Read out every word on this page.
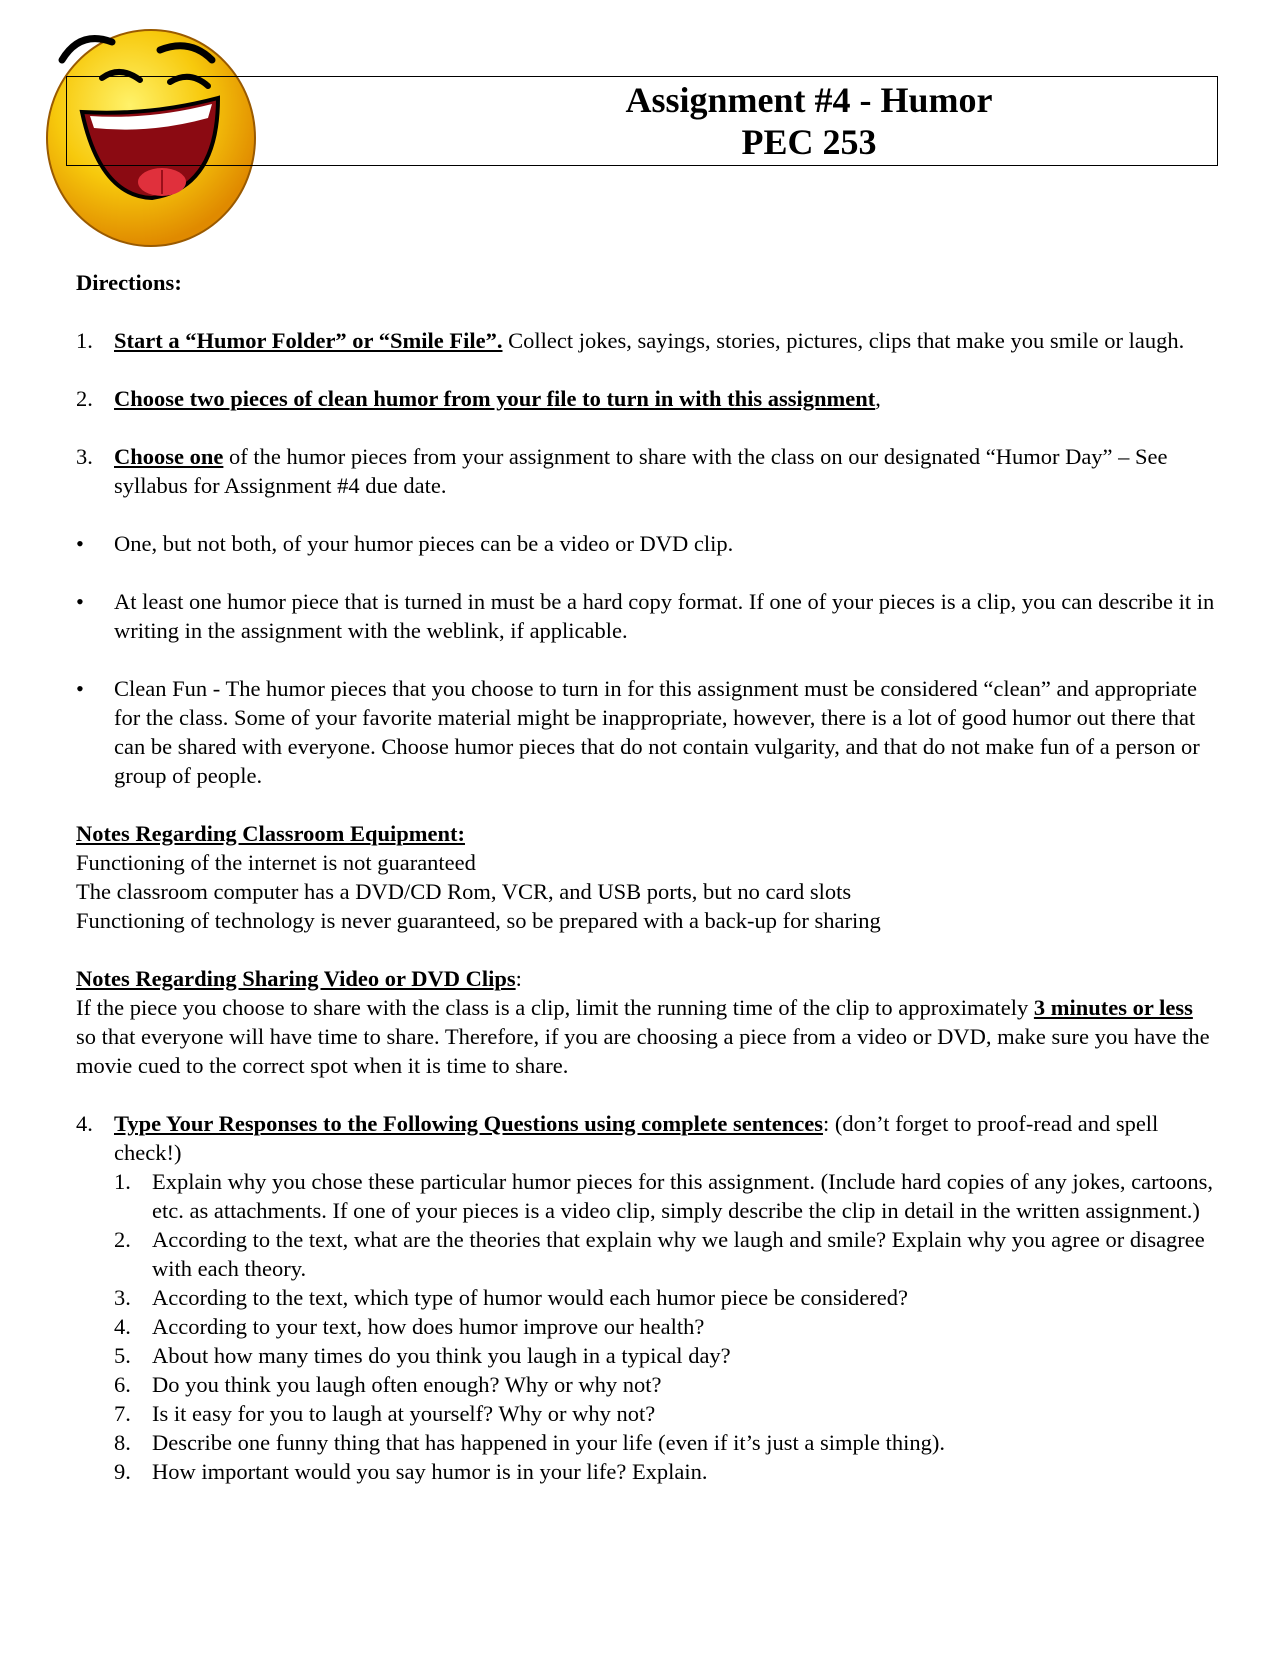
Assignment #4 - Humor
PEC 253

Directions:

1. Start a “Humor Folder” or “Smile File”. Collect jokes, sayings, stories, pictures, clips that make you smile or laugh.
2. Choose two pieces of clean humor from your file to turn in with this assignment,
3. Choose one of the humor pieces from your assignment to share with the class on our designated “Humor Day” – See syllabus for Assignment #4 due date.
•	One, but not both, of your humor pieces can be a video or DVD clip.
•	At least one humor piece that is turned in must be a hard copy format. If one of your pieces is a clip, you can describe it in writing in the assignment with the weblink, if applicable.
•	Clean Fun - The humor pieces that you choose to turn in for this assignment must be considered “clean” and appropriate for the class. Some of your favorite material might be inappropriate, however, there is a lot of good humor out there that can be shared with everyone. Choose humor pieces that do not contain vulgarity, and that do not make fun of a person or group of people.

Notes Regarding Classroom Equipment:

Functioning of the internet is not guaranteed

The classroom computer has a DVD/CD Rom, VCR, and USB ports, but no card slots

Functioning of technology is never guaranteed, so be prepared with a back-up for sharing

Notes Regarding Sharing Video or DVD Clips:

If the piece you choose to share with the class is a clip, limit the running time of the clip to approximately 3 minutes or less so that everyone will have time to share. Therefore, if you are choosing a piece from a video or DVD, make sure you have the movie cued to the correct spot when it is time to share.

4. Type Your Responses to the Following Questions using complete sentences: (don’t forget to proof-read and spell check!)
1. Explain why you chose these particular humor pieces for this assignment. (Include hard copies of any jokes, cartoons, etc. as attachments. If one of your pieces is a video clip, simply describe the clip in detail in the written assignment.)
2. According to the text, what are the theories that explain why we laugh and smile? Explain why you agree or disagree with each theory.
3. According to the text, which type of humor would each humor piece be considered?
4. According to your text, how does humor improve our health?
5. About how many times do you think you laugh in a typical day?
6. Do you think you laugh often enough? Why or why not?
7. Is it easy for you to laugh at yourself? Why or why not?
8. Describe one funny thing that has happened in your life (even if it’s just a simple thing).
9. How important would you say humor is in your life? Explain.
